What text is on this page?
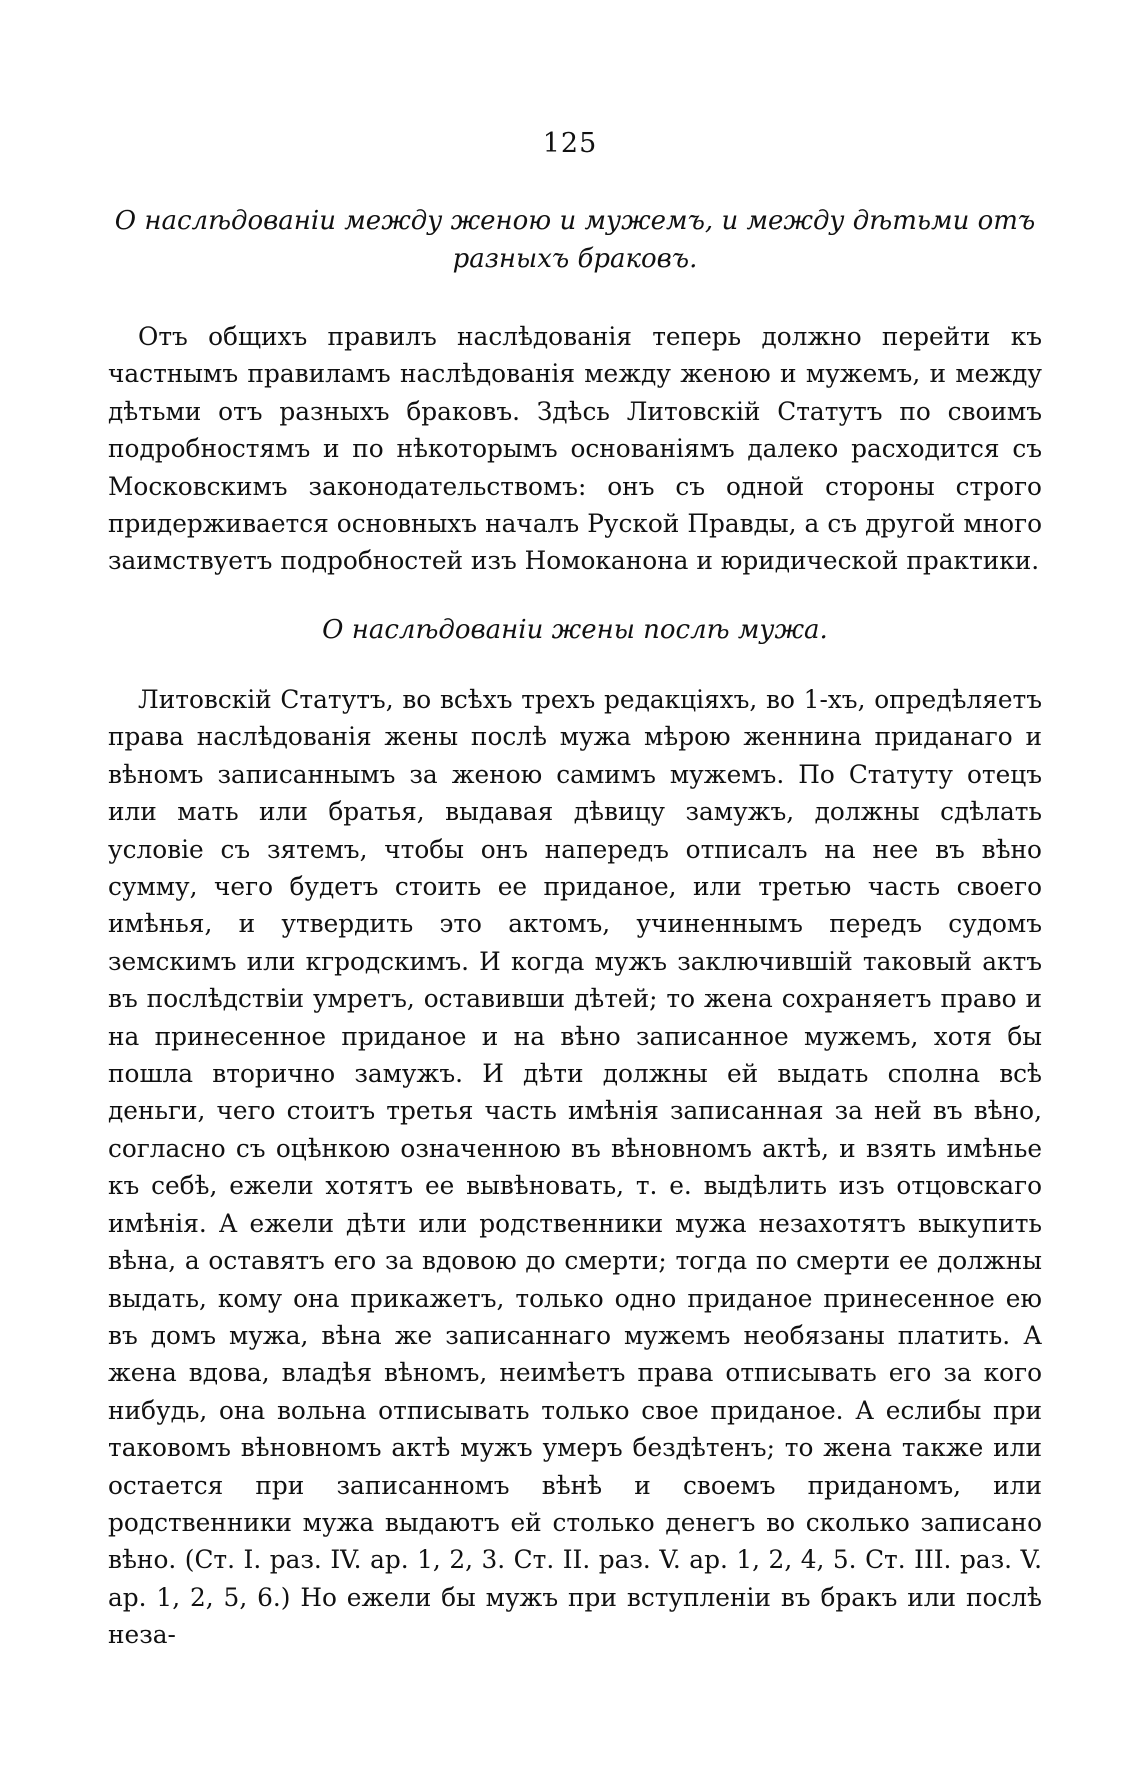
125

О наслѣдованіи между женою и мужемъ, и между дѣтьми отъ разныхъ браковъ.

Отъ общихъ правилъ наслѣдованія теперь должно перейти къ частнымъ правиламъ наслѣдованія между женою и мужемъ, и между дѣтьми отъ разныхъ браковъ. Здѣсь Литовскій Статутъ по своимъ подробностямъ и по нѣкоторымъ основаніямъ далеко расходится съ Московскимъ законодательствомъ: онъ съ одной стороны строго придерживается основныхъ началъ Руской Правды, а съ другой много заимствуетъ подробностей изъ Номоканона и юридической практики.

О наслѣдованіи жены послѣ мужа.

Литовскій Статутъ, во всѣхъ трехъ редакціяхъ, во 1-хъ, опредѣляетъ права наслѣдованія жены послѣ мужа мѣрою женнина приданаго и вѣномъ записаннымъ за женою самимъ мужемъ. По Статуту отецъ или мать или братья, выдавая дѣвицу замужъ, должны сдѣлать условіе съ зятемъ, чтобы онъ напередъ отписалъ на нее въ вѣно сумму, чего будетъ стоить ее приданое, или третью часть своего имѣнья, и утвердить это актомъ, учиненнымъ передъ судомъ земскимъ или кгродскимъ. И когда мужъ заключившій таковый актъ въ послѣдствіи умретъ, оставивши дѣтей; то жена сохраняетъ право и на принесенное приданое и на вѣно записанное мужемъ, хотя бы пошла вторично замужъ. И дѣти должны ей выдать сполна всѣ деньги, чего стоитъ третья часть имѣнія записанная за ней въ вѣно, согласно съ оцѣнкою означенною въ вѣновномъ актѣ, и взять имѣнье къ себѣ, ежели хотятъ ее вывѣновать, т. е. выдѣлить изъ отцовскаго имѣнія. А ежели дѣти или родственники мужа незахотятъ выкупить вѣна, а оставятъ его за вдовою до смерти; тогда по смерти ее должны выдать, кому она прикажетъ, только одно приданое принесенное ею въ домъ мужа, вѣна же записаннаго мужемъ необязаны платить. А жена вдова, владѣя вѣномъ, неимѣетъ права отписывать его за кого нибудь, она вольна отписывать только свое приданое. А еслибы при таковомъ вѣновномъ актѣ мужъ умеръ бездѣтенъ; то жена также или остается при записанномъ вѣнѣ и своемъ приданомъ, или родственники мужа выдаютъ ей столько денегъ во сколько записано вѣно. (Ст. I. раз. IV. ар. 1, 2, 3. Ст. II. раз. V. ар. 1, 2, 4, 5. Ст. III. раз. V. ар. 1, 2, 5, 6.) Но ежели бы мужъ при вступленіи въ бракъ или послѣ неза-
